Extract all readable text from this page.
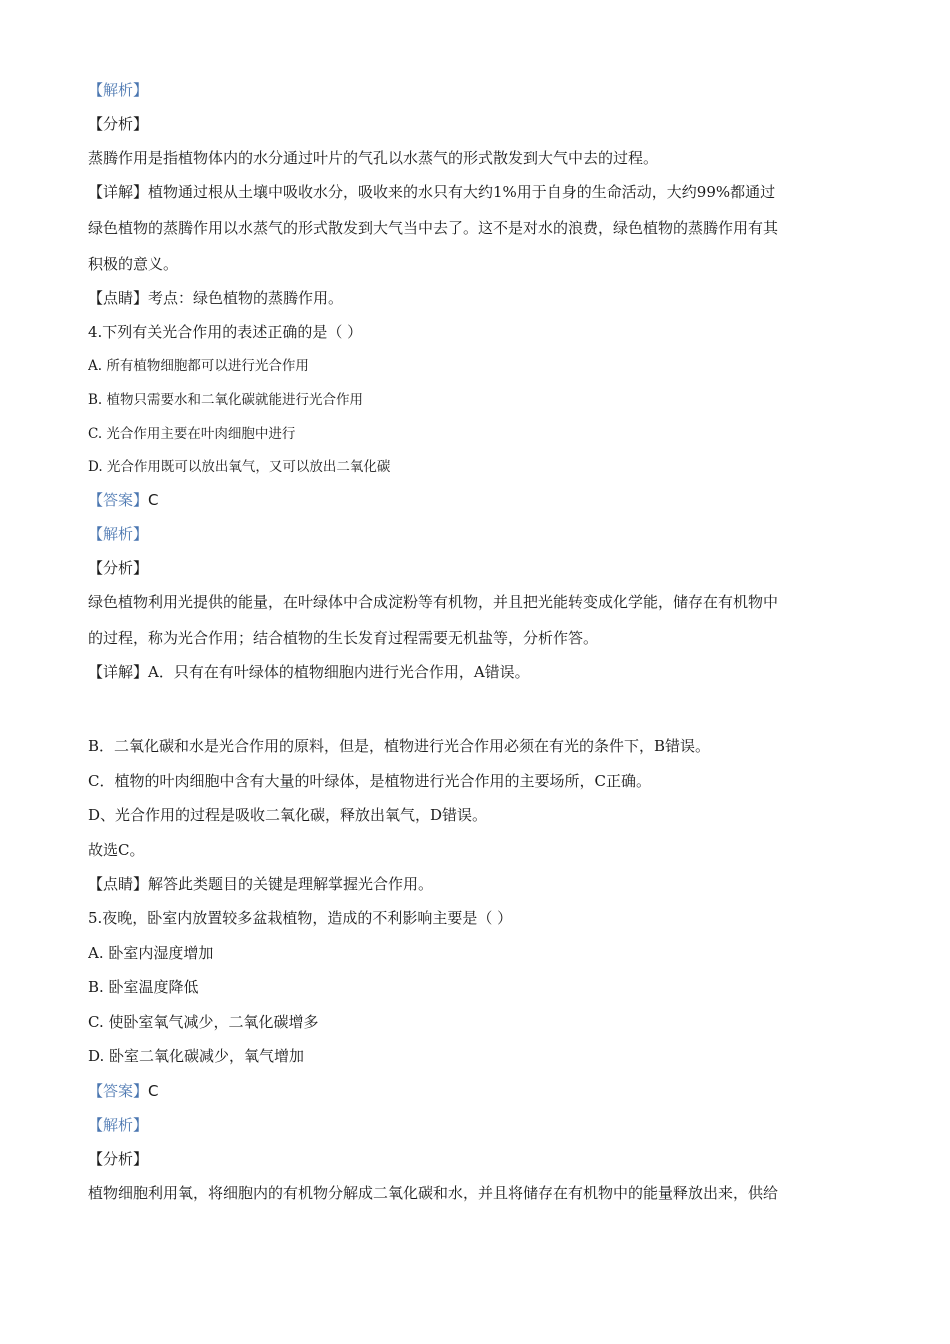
【解析】
【分析】
蒸腾作用是指植物体内的水分通过叶片的气孔以水蒸气的形式散发到大气中去的过程。
【详解】植物通过根从土壤中吸收水分，吸收来的水只有大约1%用于自身的生命活动，大约99%都通过
绿色植物的蒸腾作用以水蒸气的形式散发到大气当中去了。这不是对水的浪费，绿色植物的蒸腾作用有其
积极的意义。
【点睛】考点：绿色植物的蒸腾作用。
4.下列有关光合作用的表述正确的是（ ）
A. 所有植物细胞都可以进行光合作用
B. 植物只需要水和二氧化碳就能进行光合作用
C. 光合作用主要在叶肉细胞中进行
D. 光合作用既可以放出氧气，又可以放出二氧化碳
【答案】C
【解析】
【分析】
绿色植物利用光提供的能量，在叶绿体中合成淀粉等有机物，并且把光能转变成化学能，储存在有机物中
的过程，称为光合作用；结合植物的生长发育过程需要无机盐等，分析作答。
【详解】A．只有在有叶绿体的植物细胞内进行光合作用，A错误。
B．二氧化碳和水是光合作用的原料，但是，植物进行光合作用必须在有光的条件下，B错误。
C．植物的叶肉细胞中含有大量的叶绿体，是植物进行光合作用的主要场所，C正确。
D、光合作用的过程是吸收二氧化碳，释放出氧气，D错误。
故选C。
【点睛】解答此类题目的关键是理解掌握光合作用。
5.夜晚，卧室内放置较多盆栽植物，造成的不利影响主要是（ ）
A. 卧室内湿度增加
B. 卧室温度降低
C. 使卧室氧气减少，二氧化碳增多
D. 卧室二氧化碳减少，氧气增加
【答案】C
【解析】
【分析】
植物细胞利用氧，将细胞内的有机物分解成二氧化碳和水，并且将储存在有机物中的能量释放出来，供给
